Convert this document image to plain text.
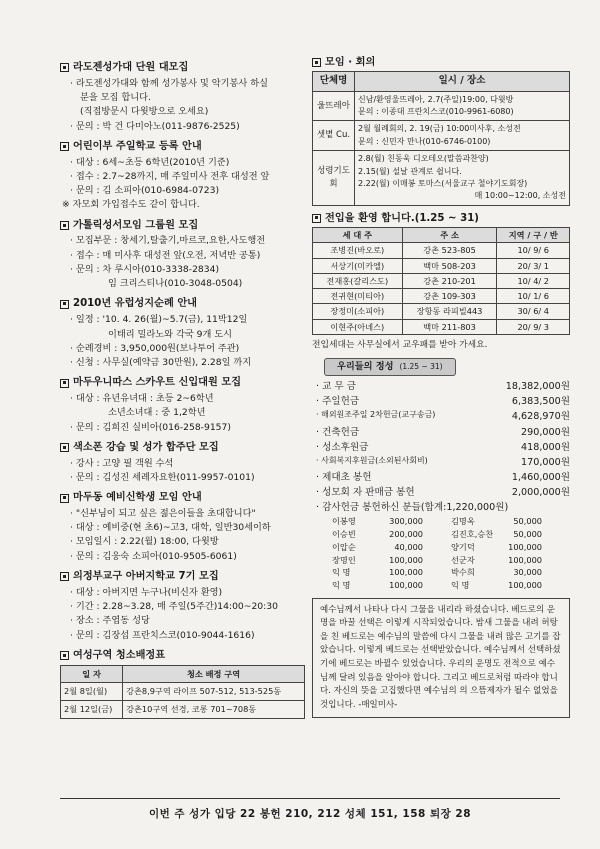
라도젠성가대 단원 대모집
· 라도젠성가대와 함께 성가봉사 및 악기봉사 하실
분을 모집 합니다.
(직접방문시 다윗방으로 오세요)
· 문의 : 박 건 다미아노(011-9876-2525)
어린이부 주일학교 등록 안내
· 대상 : 6세~초등 6학년(2010년 기준)
· 접수 : 2.7~28까지, 매 주일미사 전후 대성전 앞
· 문의 : 김 소피아(010-6984-0723)
※ 자모회 가입접수도 같이 합니다.
가톨릭성서모임 그룹원 모집
· 모집부문 : 창세기,탈출기,마르코,요한,사도행전
· 접수 : 매 미사후 대성전 앞(오전, 저녁반 공통)
· 문의 : 차 루시아(010-3338-2834)
임 크리스티나(010-3048-0504)
2010년 유럽성지순례 안내
· 일정 : '10. 4. 26(월)~5.7(금), 11박12일
이태리 밀라노와 각국 9개 도시
· 순례경비 : 3,950,000원(보나투어 주관)
· 신청 : 사무실(예약금 30만원), 2.28일 까지
마두우니따스 스카우트 신입대원 모집
· 대상 : 유년유녀대 : 초등 2~6학년
소년소녀대 : 중 1,2학년
· 문의 : 김희진 실비아(016-258-9157)
색소폰 강습 및 성가 합주단 모집
· 강사 : 고양 필 객원 수석
· 문의 : 김성진 세례자요한(011-9957-0101)
마두동 예비신학생 모임 안내
· "신부님이 되고 싶은 젊은이들을 초대합니다"
· 대상 : 예비중(현 초6)~고3, 대학, 일반30세이하
· 모임일시 : 2.22(월) 18:00, 다윗방
· 문의 : 김웅숙 소피아(010-9505-6061)
의정부교구 아버지학교 7기 모집
· 대상 : 아버지면 누구나(비신자 환영)
· 기간 : 2.28~3.28, 매 주일(5주간)14:00~20:30
· 장소 : 주엽동 성당
· 문의 : 김장섭 프란치스코(010-9044-1616)
여성구역 청소배정표
일 자	청소 배정 구역
2월 8일(월)	강촌8,9구역 라이프 507-512, 513-525동
2월 12일(금)	강촌10구역 선경, 코롱 701~708동
모임 · 회의
단체명	일시 / 장소
울뜨레아	신남/환영울뜨레아, 2.7(주일)19:00, 다윗방
문의 : 이종대 프란치스코(010-9961-6080)

셋볕 Cu.	2월 월례회의, 2. 19(금) 10:00미사후, 소성전
문의 : 신민자 만나(010-6746-0100)

성령기도회	2.8(월) 친동욱 디오테오(말씀과찬양)
2.15(월) 설날 관계로 쉽니다.
2.22(월) 이매봉 토마스(서울교구 철야기도회장)
매 10:00~12:00, 소성전
전입을 환영 합니다.(1.25 ~ 31)
세 대 주	주 소	지역 / 구 / 반
조병진(바오로)	강촌 523-805	10/ 9/ 6
서상기(미카엘)	백마 508-203	20/ 3/ 1
전재홍(갈리스도)	강촌 210-201	10/ 4/ 2
전귀현(미티아)	강촌 109-303	10/ 1/ 6
장정미(소피아)	장항동 라피빌443	30/ 6/ 4
이현주(아녜스)	백마 211-803	20/ 9/ 3
전입세대는 사무실에서 교우패를 받아 가세요.
우리들의 정성 (1.25 ~ 31)
· 교 무 금	18,382,000원
· 주일헌금	6,383,500원
· 해외원조주일 2차헌금(교구송금)	4,628,970원
· 건축헌금	290,000원
· 성소후원금	418,000원
· 사회복지후원금(소외된사회비)	170,000원
· 제대초 봉헌	1,460,000원
· 성모회 자 판매금 봉헌	2,000,000원
· 감사헌금 봉헌하신 분들(합계:1,220,000원)
이봉영	300,000	김명옥	50,000
이승빈	200,000	김진호,승찬	50,000
이압순	40,000	양기덕	100,000
장명인	100,000	선군자	100,000
익 명	100,000	박수희	30,000
익 명	100,000	익 명	100,000
예수님께서 나타나 다시 그물을 내리라 하셨습니다. 베드로의 운명을 바꿀 선택은 이렇게 시작되었습니다. 밤새 그물을 내려 허탕을 친 베드로는 예수님의 말씀에 다시 그물을 내려 많은 고기를 잡았습니다. 이렇게 베드로는 선택받았습니다. 예수님께서 선택하셨기에 베드로는 바뀔수 있었습니다. 우리의 운명도 전적으로 예수님께 달려 있음을 알아야 합니다. 그리고 베드로처럼 따라야 합니다. 자신의 뜻을 고집했다면 예수님의 의 으뜸제자가 될수 없었을 것입니다. -매일미사-
이번 주 성가 입당 22 봉헌 210, 212 성체 151, 158 퇴장 28
